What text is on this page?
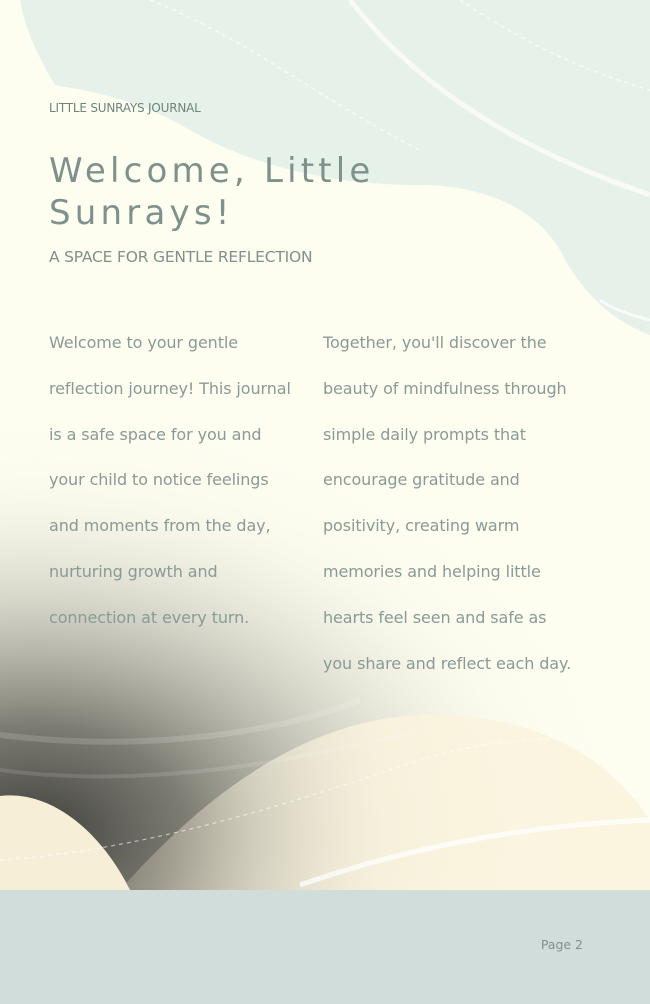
LITTLE SUNRAYS JOURNAL
Welcome, Little Sunrays!
A SPACE FOR GENTLE REFLECTION

Welcome to your gentle reflection journey! This journal is a safe space for you and your child to notice feelings and moments from the day, nurturing growth and connection at every turn.

Together, you'll discover the beauty of mindfulness through simple daily prompts that encourage gratitude and positivity, creating warm memories and helping little hearts feel seen and safe as you share and reflect each day.

Page 2
